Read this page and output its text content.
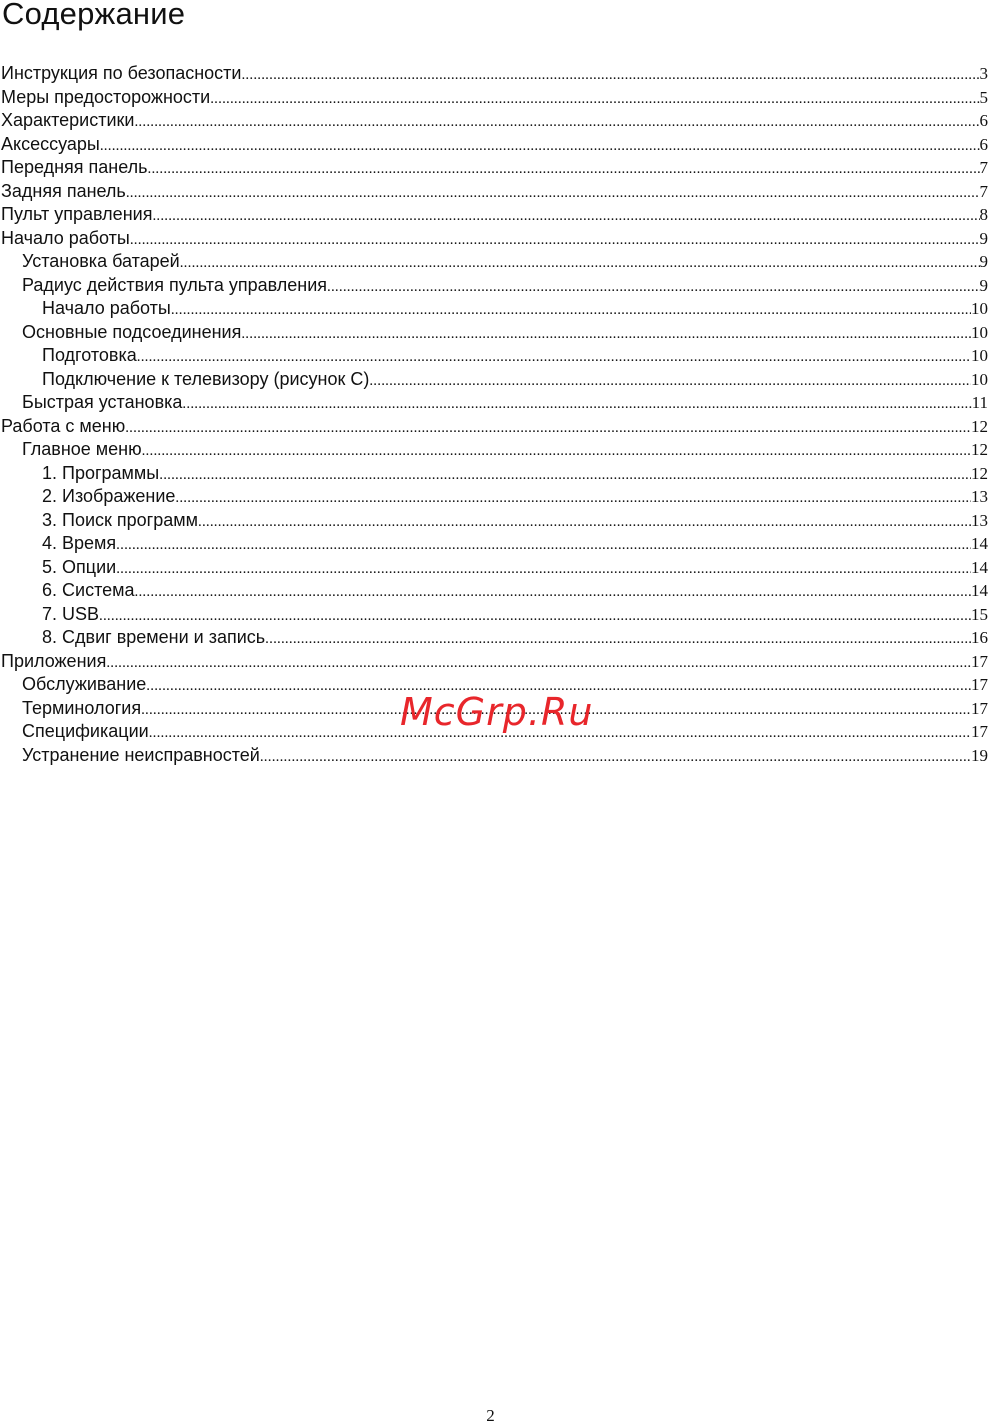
Содержание
Инструкция по безопасности .....	3
Меры предосторожности .....	5
Характеристики .....	6
Аксессуары .....	6
Передняя панель .....	7
Задняя панель .....	7
Пульт управления .....	8
Начало работы .....	9
Установка батарей .....	9
Радиус действия пульта управления .....	9
Начало работы .....	10
Основные подсоединения .....	10
Подготовка .....	10
Подключение к телевизору (рисунок С) .....	10
Быстрая установка .....	11
Работа с меню .....	12
Главное меню .....	12
1. Программы .....	12
2. Изображение .....	13
3. Поиск программ .....	13
4. Время .....	14
5. Опции .....	14
6. Система .....	14
7. USB .....	15
8. Сдвиг времени и запись .....	16
Приложения .....	17
Обслуживание .....	17
Терминология .....	17
Спецификации .....	17
Устранение неисправностей .....	19
McGrp.Ru
2
